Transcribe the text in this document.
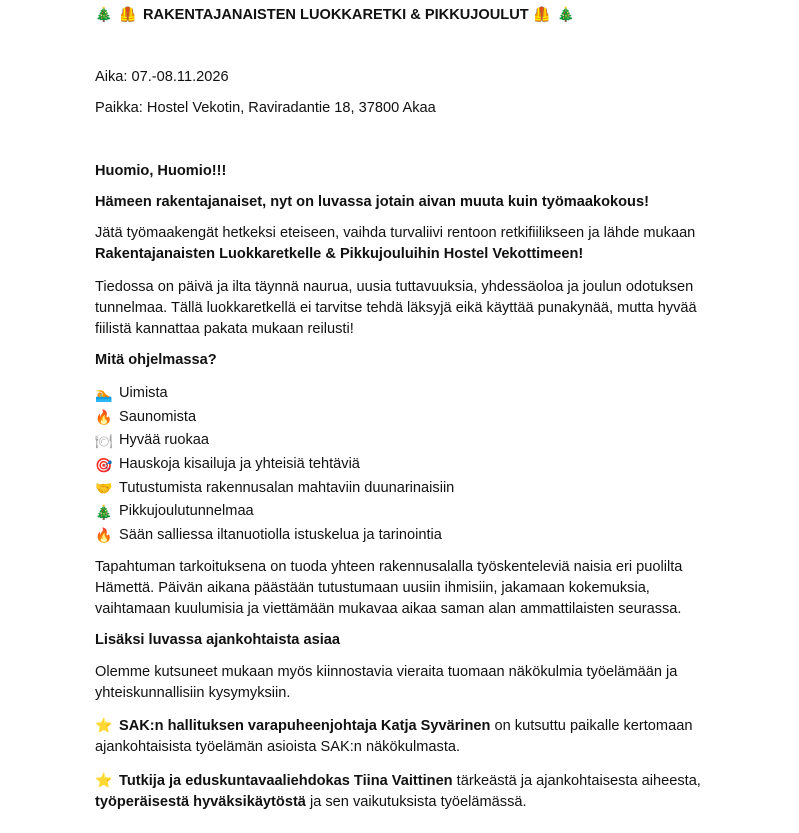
🎄 🦺 RAKENTAJANAISTEN LUOKKARETKI & PIKKUJOULUT 🦺 🎄

Aika: 07.-08.11.2026

Paikka: Hostel Vekotin, Raviradantie 18, 37800 Akaa

Huomio, Huomio!!!

Hämeen rakentajanaiset, nyt on luvassa jotain aivan muuta kuin työmaakokous!

Jätä työmaakengät hetkeksi eteiseen, vaihda turvaliivi rentoon retkifiilikseen ja lähde mukaan Rakentajanaisten Luokkaretkelle & Pikkujouluihin Hostel Vekottimeen!

Tiedossa on päivä ja ilta täynnä naurua, uusia tuttavuuksia, yhdessäoloa ja joulun odotuksen tunnelmaa. Tällä luokkaretkellä ei tarvitse tehdä läksyjä eikä käyttää punakynää, mutta hyvää fiilistä kannattaa pakata mukaan reilusti!

Mitä ohjelmassa?

🏊 Uimista
🔥 Saunomista
🍽 Hyvää ruokaa
🎯 Hauskoja kisailuja ja yhteisiä tehtäviä
🤝 Tutustumista rakennusalan mahtaviin duunarinaisiin
🎄 Pikkujoulutunnelmaa
🔥 Sään salliessa iltanuotiolla istuskelua ja tarinointia

Tapahtuman tarkoituksena on tuoda yhteen rakennusalalla työskenteleviä naisia eri puolilta Hämettä. Päivän aikana päästään tutustumaan uusiin ihmisiin, jakamaan kokemuksia, vaihtamaan kuulumisia ja viettämään mukavaa aikaa saman alan ammattilaisten seurassa.

Lisäksi luvassa ajankohtaista asiaa

Olemme kutsuneet mukaan myös kiinnostavia vieraita tuomaan näkökulmia työelämään ja yhteiskunnallisiin kysymyksiin.

⭐ SAK:n hallituksen varapuheenjohtaja Katja Syvärinen on kutsuttu paikalle kertomaan ajankohtaisista työelämän asioista SAK:n näkökulmasta.

⭐ Tutkija ja eduskuntavaaliehdokas Tiina Vaittinen tärkeästä ja ajankohtaisesta aiheesta, työperäisestä hyväksikäytöstä ja sen vaikutuksista työelämässä.
